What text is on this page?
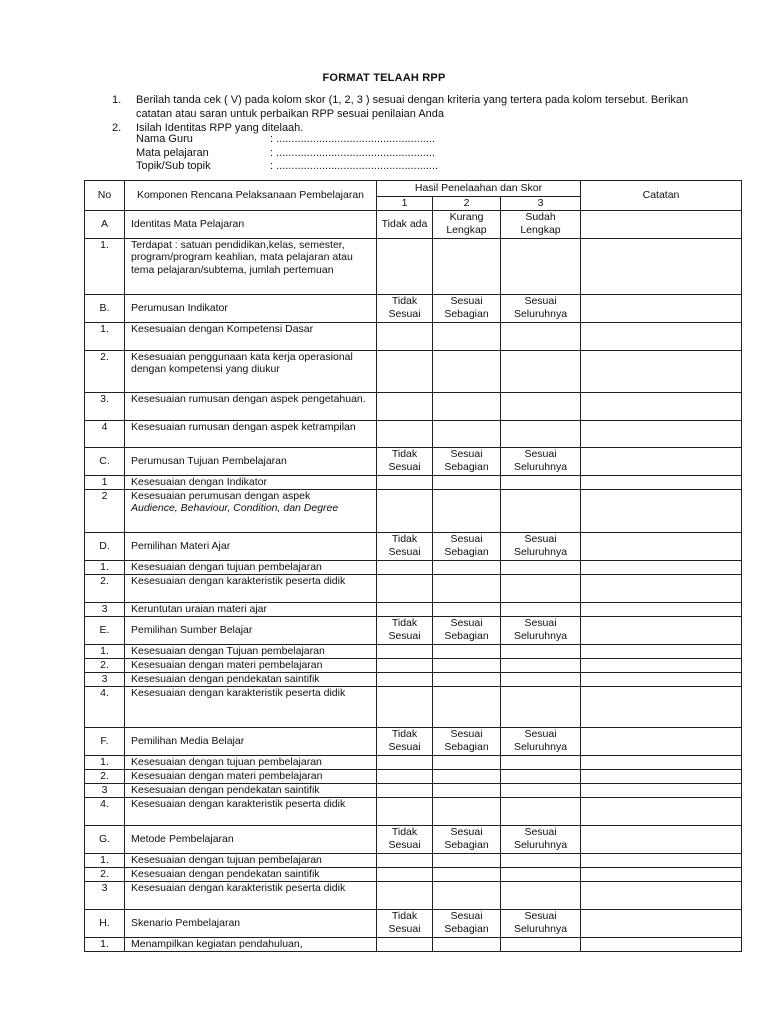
FORMAT TELAAH RPP
1.	Berilah tanda cek ( V) pada kolom skor (1, 2, 3 ) sesuai dengan kriteria yang tertera pada kolom tersebut. Berikan catatan atau saran untuk perbaikan RPP sesuai penilaian Anda
2.	Isilah Identitas RPP yang ditelaah.
Nama Guru	: ....................................................
Mata pelajaran	: ....................................................
Topik/Sub topik	: .....................................................
No	Komponen Rencana Pelaksanaan Pembelajaran	Hasil Penelaahan dan Skor			Catatan
		1	2	3	
A	Identitas Mata Pelajaran	Tidak ada	Kurang Lengkap	Sudah Lengkap	
1.	Terdapat : satuan pendidikan,kelas, semester, program/program keahlian, mata pelajaran atau tema pelajaran/subtema, jumlah pertemuan				
B.	Perumusan Indikator	Tidak Sesuai	Sesuai Sebagian	Sesuai Seluruhnya	
1.	Kesesuaian dengan Kompetensi Dasar				
2.	Kesesuaian penggunaan kata kerja operasional dengan kompetensi yang diukur				
3.	Kesesuaian rumusan dengan aspek pengetahuan.				
4	Kesesuaian rumusan dengan aspek ketrampilan				
C.	Perumusan Tujuan Pembelajaran	Tidak Sesuai	Sesuai Sebagian	Sesuai Seluruhnya	
1	Kesesuaian dengan Indikator				
2	Kesesuaian perumusan dengan aspek
Audience, Behaviour, Condition, dan Degree				
D.	Pemilihan Materi Ajar	Tidak Sesuai	Sesuai Sebagian	Sesuai Seluruhnya	
1.	Kesesuaian dengan tujuan pembelajaran				
2.	Kesesuaian dengan karakteristik peserta didik				
3	Keruntutan uraian materi ajar				
E.	Pemilihan Sumber Belajar	Tidak Sesuai	Sesuai Sebagian	Sesuai Seluruhnya	
1.	Kesesuaian dengan Tujuan pembelajaran				
2.	Kesesuaian dengan materi pembelajaran				
3	Kesesuaian dengan pendekatan saintifik				
4.	Kesesuaian dengan karakteristik peserta didik				
F.	Pemilihan Media Belajar	Tidak Sesuai	Sesuai Sebagian	Sesuai Seluruhnya	
1.	Kesesuaian dengan tujuan pembelajaran				
2.	Kesesuaian dengan materi pembelajaran				
3	Kesesuaian dengan pendekatan saintifik				
4.	Kesesuaian dengan karakteristik peserta didik				
G.	Metode Pembelajaran	Tidak Sesuai	Sesuai Sebagian	Sesuai Seluruhnya	
1.	Kesesuaian dengan tujuan pembelajaran				
2.	Kesesuaian dengan pendekatan saintifik				
3	Kesesuaian dengan karakteristik peserta didik				
H.	Skenario Pembelajaran	Tidak Sesuai	Sesuai Sebagian	Sesuai Seluruhnya	
1.	Menampilkan kegiatan pendahuluan,				
